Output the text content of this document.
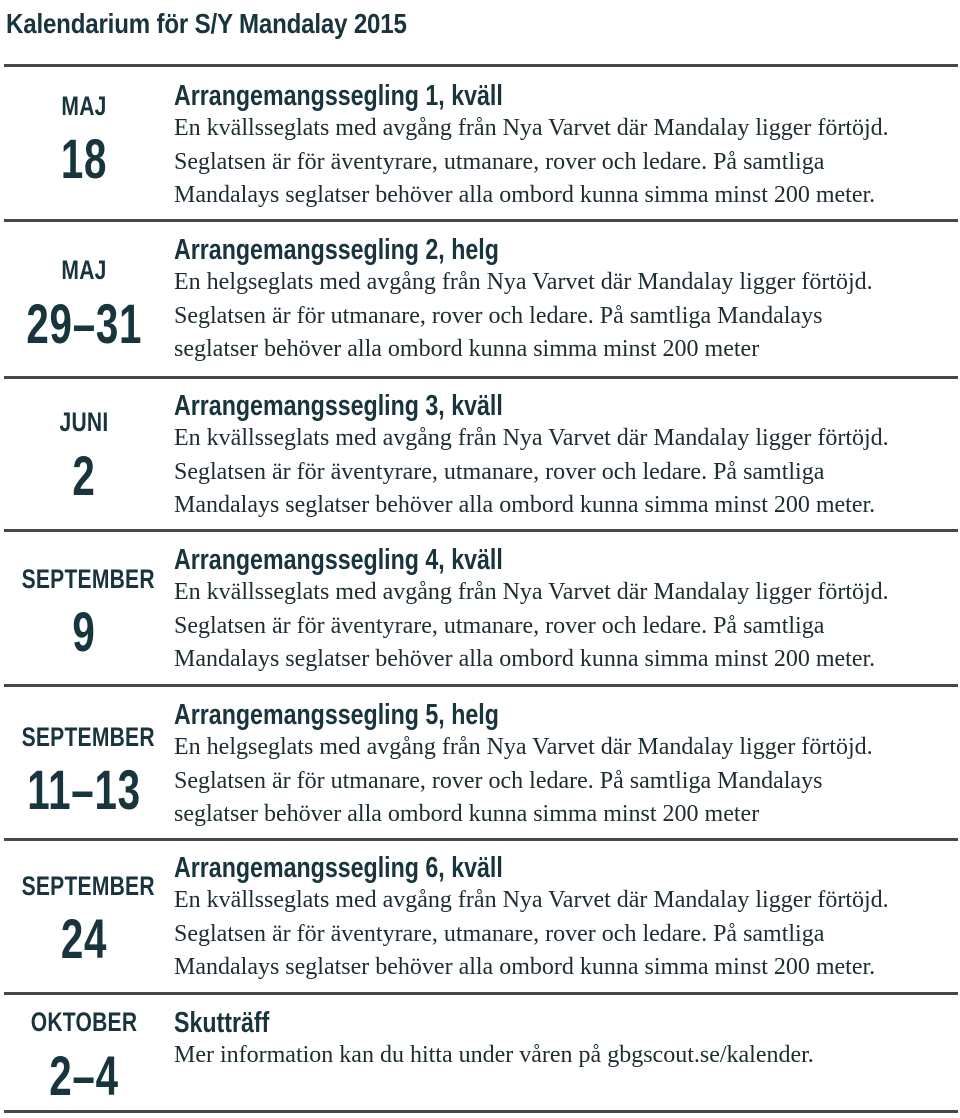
Kalendarium för S/Y Mandalay 2015
MAJ
18
Arrangemangssegling 1, kväll
En kvällsseglats med avgång från Nya Varvet där Mandalay ligger förtöjd.
Seglatsen är för äventyrare, utmanare, rover och ledare. På samtliga
Mandalays seglatser behöver alla ombord kunna simma minst 200 meter.
MAJ
29–31
Arrangemangssegling 2, helg
En helgseglats med avgång från Nya Varvet där Mandalay ligger förtöjd.
Seglatsen är för utmanare, rover och ledare. På samtliga Mandalays
seglatser behöver alla ombord kunna simma minst 200 meter
JUNI
2
Arrangemangssegling 3, kväll
En kvällsseglats med avgång från Nya Varvet där Mandalay ligger förtöjd.
Seglatsen är för äventyrare, utmanare, rover och ledare. På samtliga
Mandalays seglatser behöver alla ombord kunna simma minst 200 meter.
SEPTEMBER
9
Arrangemangssegling 4, kväll
En kvällsseglats med avgång från Nya Varvet där Mandalay ligger förtöjd.
Seglatsen är för äventyrare, utmanare, rover och ledare. På samtliga
Mandalays seglatser behöver alla ombord kunna simma minst 200 meter.
SEPTEMBER
11–13
Arrangemangssegling 5, helg
En helgseglats med avgång från Nya Varvet där Mandalay ligger förtöjd.
Seglatsen är för utmanare, rover och ledare. På samtliga Mandalays
seglatser behöver alla ombord kunna simma minst 200 meter
SEPTEMBER
24
Arrangemangssegling 6, kväll
En kvällsseglats med avgång från Nya Varvet där Mandalay ligger förtöjd.
Seglatsen är för äventyrare, utmanare, rover och ledare. På samtliga
Mandalays seglatser behöver alla ombord kunna simma minst 200 meter.
OKTOBER
2–4
Skutträff
Mer information kan du hitta under våren på gbgscout.se/kalender.
